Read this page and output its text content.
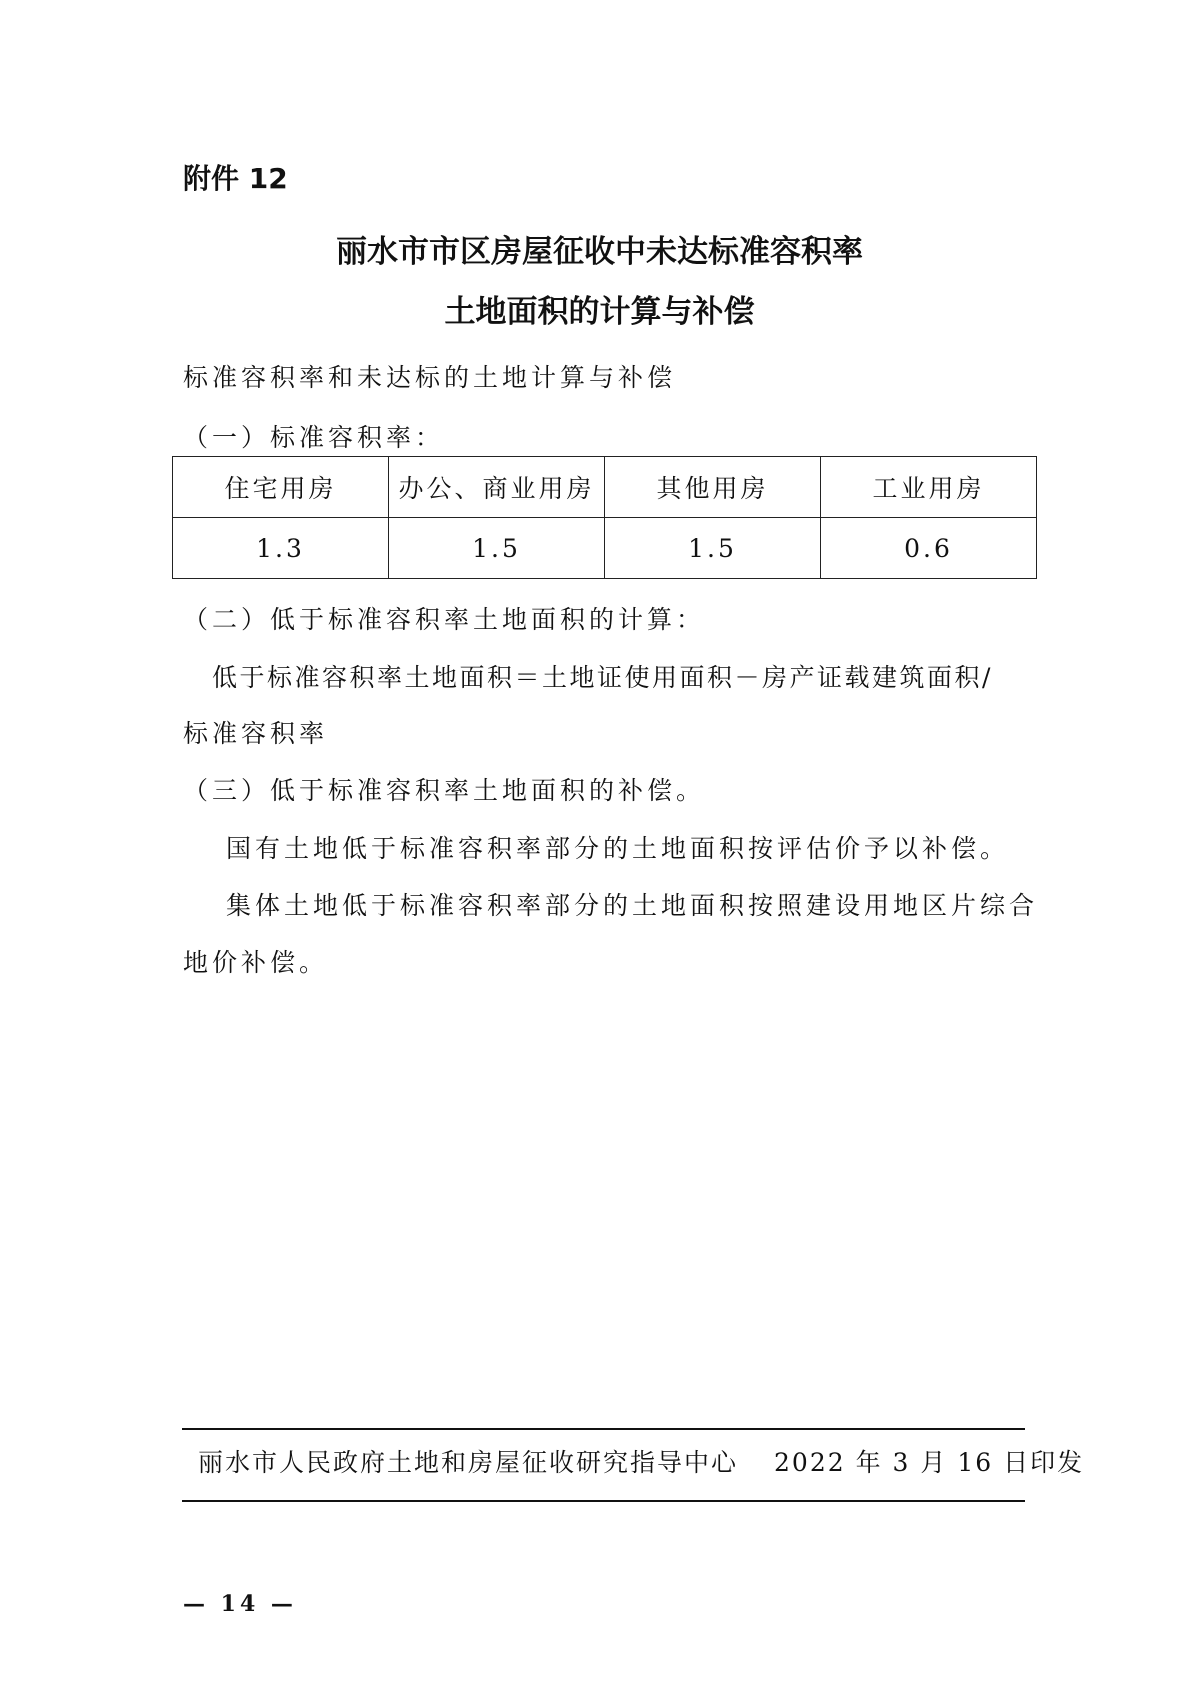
附件 12
丽水市市区房屋征收中未达标准容积率
土地面积的计算与补偿
标准容积率和未达标的土地计算与补偿
（一）标准容积率：
住宅用房	办公、商业用房	其他用房	工业用房
1.3	1.5	1.5	0.6
（二）低于标准容积率土地面积的计算：
低于标准容积率土地面积＝土地证使用面积－房产证载建筑面积/
标准容积率
（三）低于标准容积率土地面积的补偿。
国有土地低于标准容积率部分的土地面积按评估价予以补偿。
集体土地低于标准容积率部分的土地面积按照建设用地区片综合
地价补偿。
丽水市人民政府土地和房屋征收研究指导中心 2022 年 3 月 16 日印发
— 14 —
